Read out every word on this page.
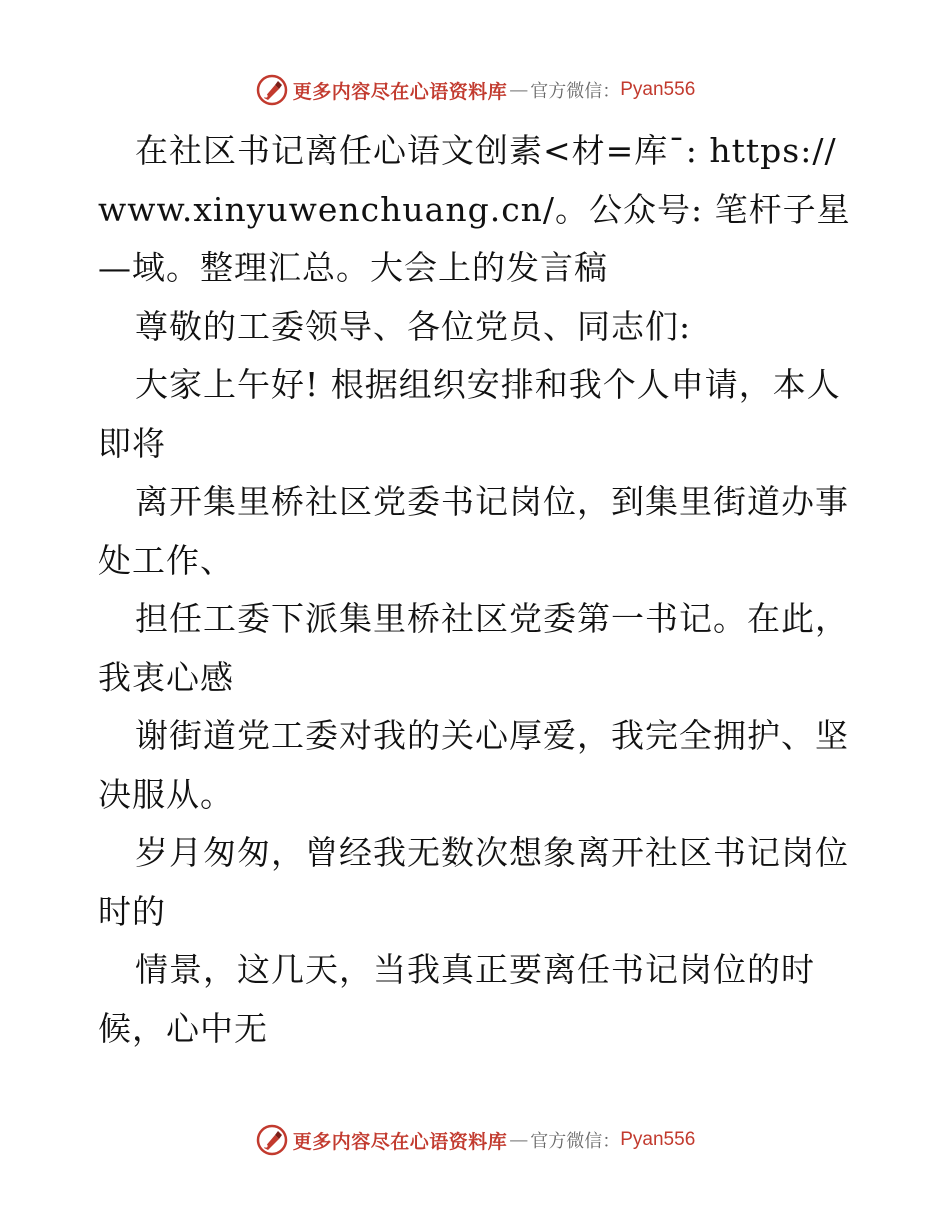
更多内容尽在心语资料库 — 官方微信： Pyan556

在社区书记离任心语文创素<材=库¯: https://www.xinyuwenchuang.cn/。公众号: 笔杆子星—域。整理汇总。大会上的发言稿

尊敬的工委领导、各位党员、同志们:

大家上午好! 根据组织安排和我个人申请，本人即将

离开集里桥社区党委书记岗位，到集里街道办事处工作、

担任工委下派集里桥社区党委第一书记。在此，我衷心感

谢街道党工委对我的关心厚爱，我完全拥护、坚决服从。

岁月匆匆，曾经我无数次想象离开社区书记岗位时的

情景，这几天，当我真正要离任书记岗位的时候，心中无

更多内容尽在心语资料库 — 官方微信： Pyan556
